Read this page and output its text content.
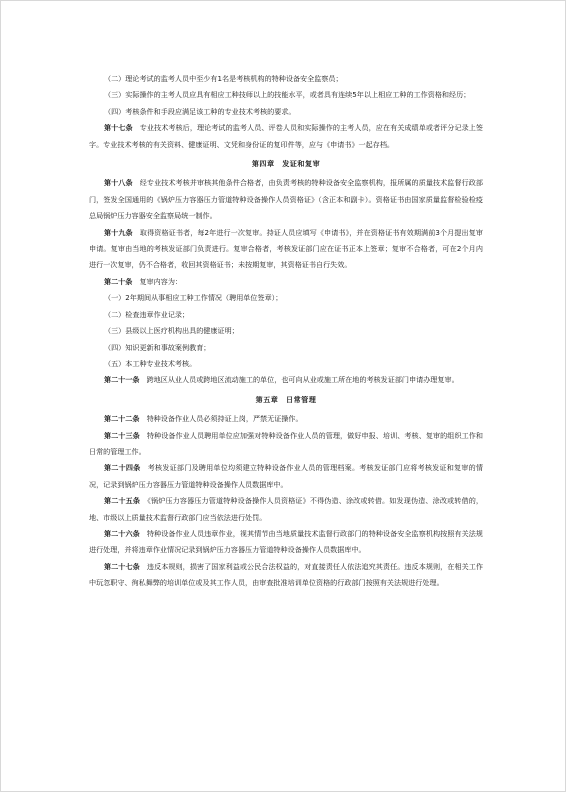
（二）理论考试的监考人员中至少有1名是考核机构的特种设备安全监察员；

（三）实际操作的主考人员应具有相应工种技师以上的技能水平，或者具有连续5年以上相应工种的工作资格和经历；

（四）考核条件和手段应满足该工种的专业技术考核的要求。

第十七条　 专业技术考核后，理论考试的监考人员、评卷人员和实际操作的主考人员，应在有关成绩单或者评分记录上签字。专业技术考核的有关资料、健康证明、文凭和身份证的复印件等，应与《申请书》一起存档。

第四章　发证和复审

第十八条　 经专业技术考核并审核其他条件合格者，由负责考核的特种设备安全监察机构，报所属的质量技术监督行政部门，签发全国通用的《锅炉压力容器压力管道特种设备操作人员资格证》（含正本和副卡）。资格证书由国家质量监督检验检疫总局锅炉压力容器安全监察局统一制作。

第十九条　 取得资格证书者，每2年进行一次复审。持证人员应填写《申请书》，并在资格证书有效期满前3个月提出复审申请。复审由当地的考核发证部门负责进行。复审合格者，考核发证部门应在证书正本上签章；复审不合格者，可在2个月内进行一次复审，仍不合格者，收回其资格证书；未按期复审，其资格证书自行失效。

第二十条　 复审内容为：

（一）2年期间从事相应工种工作情况（聘用单位签章）；

（二）检查违章作业记录；

（三）县级以上医疗机构出具的健康证明；

（四）知识更新和事故案例教育；

（五）本工种专业技术考核。

第二十一条　 跨地区从业人员或跨地区流动施工的单位，也可向从业或施工所在地的考核发证部门申请办理复审。

第五章　日常管理

第二十二条　 特种设备作业人员必须持证上岗，严禁无证操作。

第二十三条　 特种设备作业人员聘用单位应加强对特种设备作业人员的管理，做好申报、培训、考核、复审的组织工作和日常的管理工作。

第二十四条　 考核发证部门及聘用单位均须建立特种设备作业人员的管理档案。考核发证部门应将考核发证和复审的情况，记录到锅炉压力容器压力管道特种设备操作人员数据库中。

第二十五条　 《锅炉压力容器压力管道特种设备操作人员资格证》不得伪造、涂改或转借。如发现伪造、涂改或转借的，地、市级以上质量技术监督行政部门应当依法进行处罚。

第二十六条　 特种设备作业人员违章作业，视其情节由当地质量技术监督行政部门的特种设备安全监察机构按照有关法规进行处理，并将违章作业情况记录到锅炉压力容器压力管道特种设备操作人员数据库中。

第二十七条　 违反本规则，损害了国家利益或公民合法权益的，对直接责任人依法追究其责任。违反本规则，在相关工作中玩忽职守、徇私舞弊的培训单位或及其工作人员，由审查批准培训单位资格的行政部门按照有关法规进行处理。
